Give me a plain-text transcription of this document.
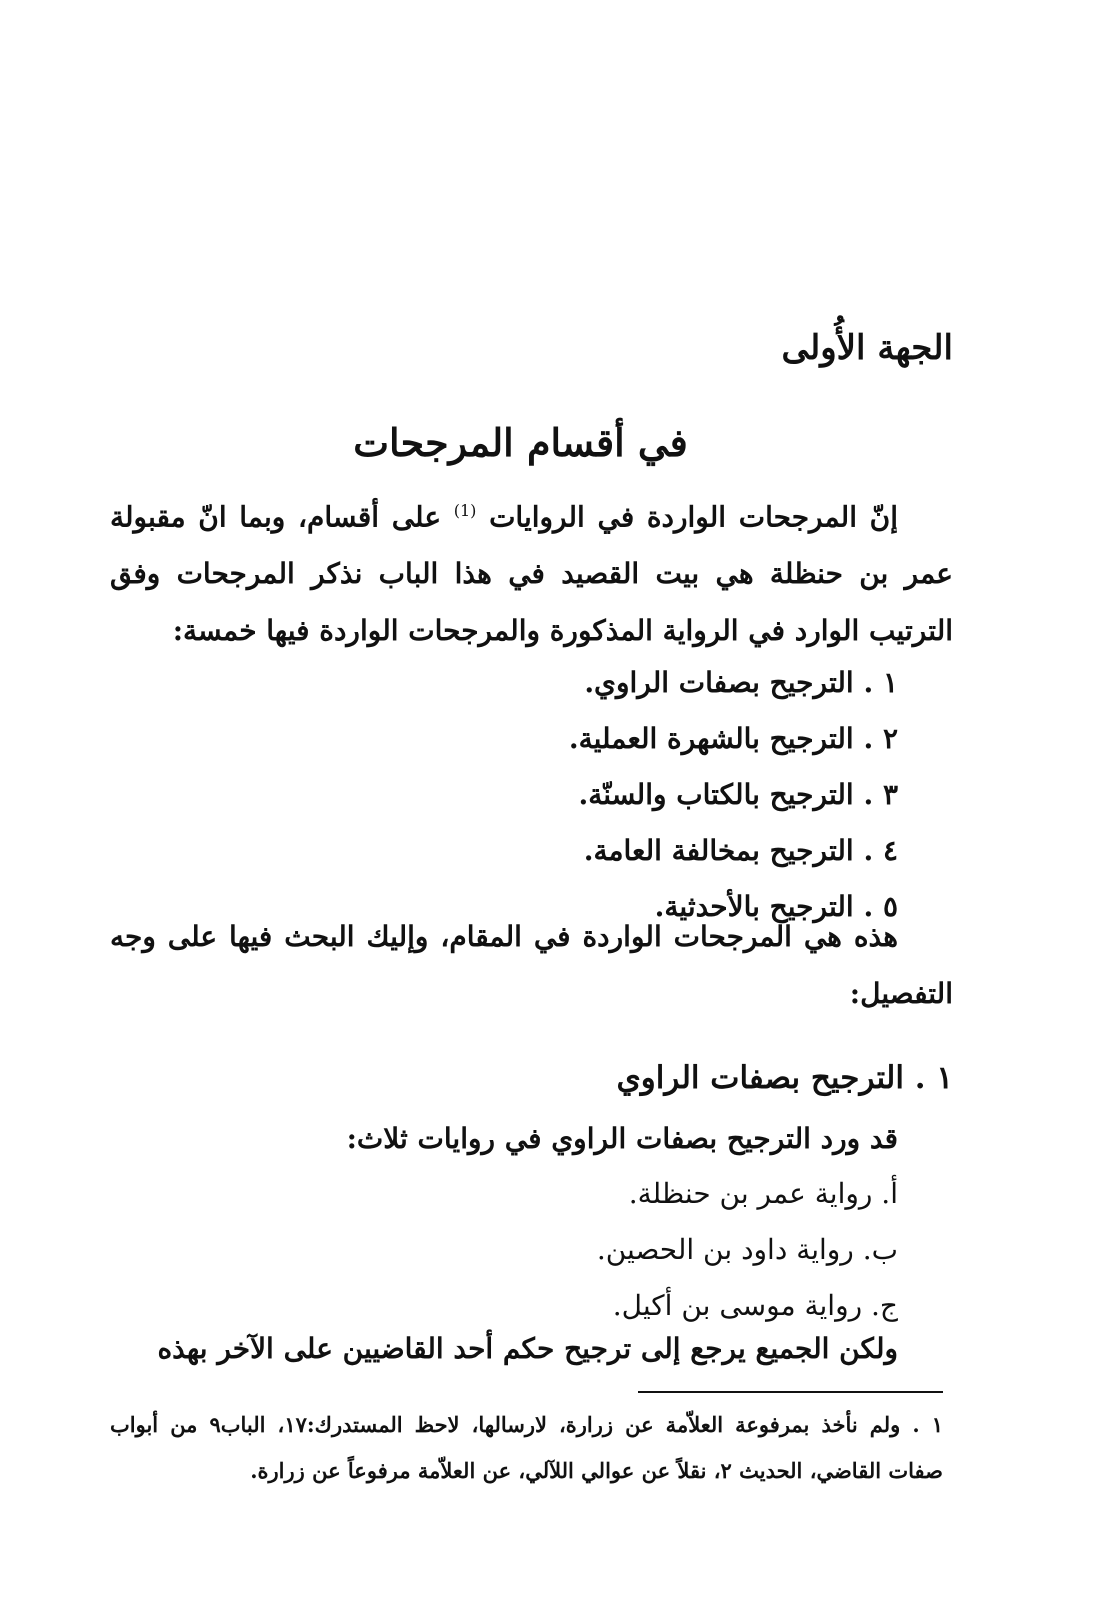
الجهة الأُولى
في أقسام المرجحات
إنّ المرجحات الواردة في الروايات $^{(1)}$ على أقسام، وبما انّ مقبولة عمر بن حنظلة هي بيت القصيد في هذا الباب نذكر المرجحات وفق الترتيب الوارد في الرواية المذكورة والمرجحات الواردة فيها خمسة:
١ . الترجيح بصفات الراوي.
٢ . الترجيح بالشهرة العملية.
٣ . الترجيح بالكتاب والسنّة.
٤ . الترجيح بمخالفة العامة.
٥ . الترجيح بالأحدثية.
هذه هي المرجحات الواردة في المقام، وإليك البحث فيها على وجه التفصيل:
١ . الترجيح بصفات الراوي
قد ورد الترجيح بصفات الراوي في روايات ثلاث:
أ. رواية عمر بن حنظلة.
ب. رواية داود بن الحصين.
ج. رواية موسى بن أكيل.
ولكن الجميع يرجع إلى ترجيح حكم أحد القاضيين على الآخر بهذه
١ . ولم نأخذ بمرفوعة العلاّمة عن زرارة، لارسالها، لاحظ المستدرك:١٧، الباب٩ من أبواب صفات القاضي، الحديث ٢، نقلاً عن عوالي اللآلي، عن العلاّمة مرفوعاً عن زرارة.
